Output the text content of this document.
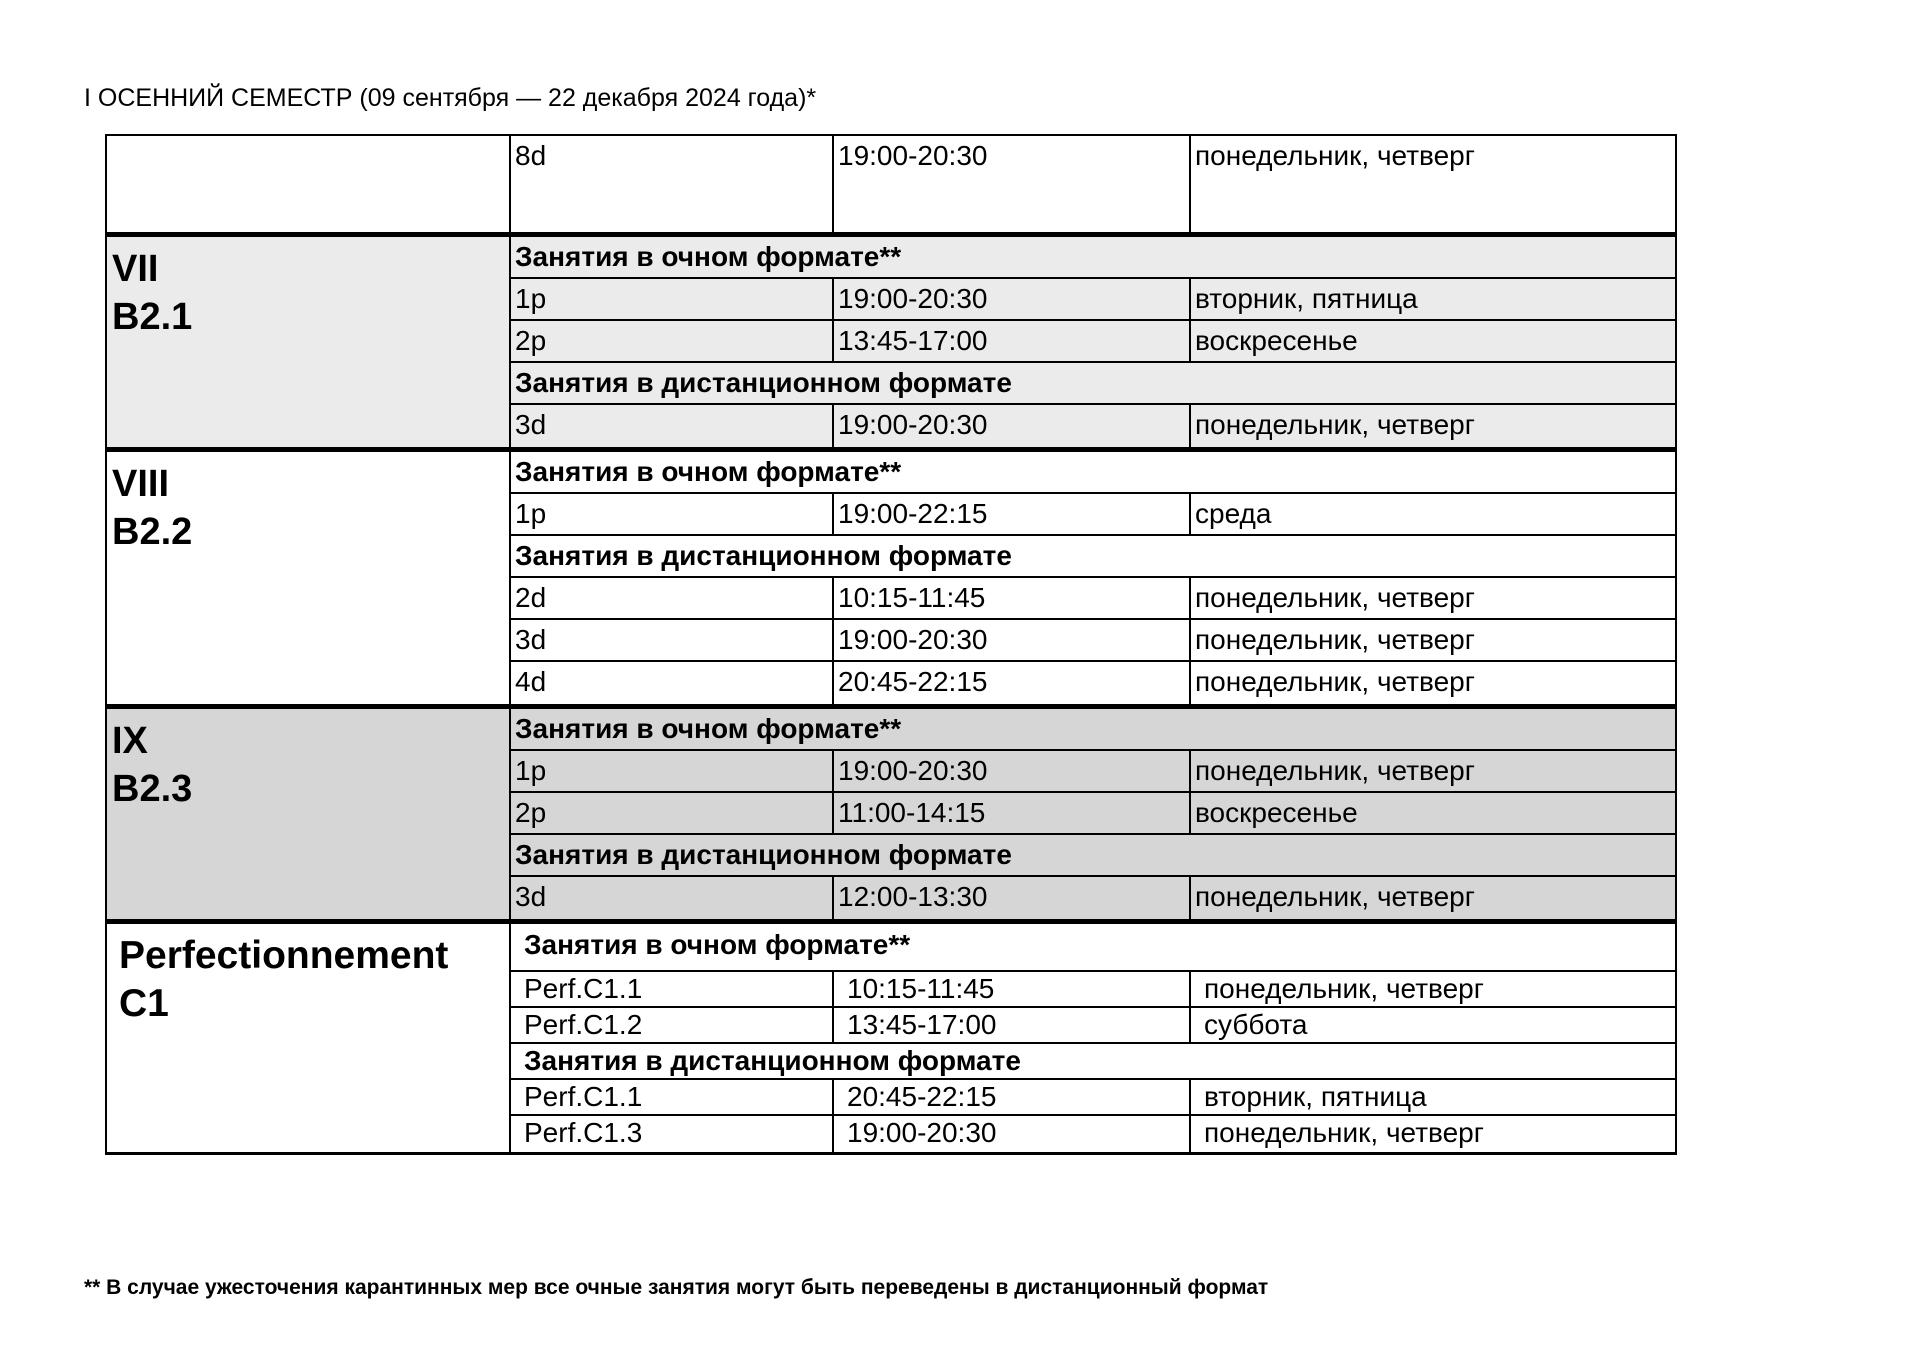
I ОСЕННИЙ СЕМЕСТР (09 сентября — 22 декабря 2024 года)*
8d	19:00-20:30	понедельник, четверг
VII
B2.1
Занятия в очном формате**
1p	19:00-20:30	вторник, пятница
2p	13:45-17:00	воскресенье
Занятия в дистанционном формате
3d	19:00-20:30	понедельник, четверг
VIII
B2.2
Занятия в очном формате**
1p	19:00-22:15	среда
Занятия в дистанционном формате
2d	10:15-11:45	понедельник, четверг
3d	19:00-20:30	понедельник, четверг
4d	20:45-22:15	понедельник, четверг
IX
B2.3
Занятия в очном формате**
1p	19:00-20:30	понедельник, четверг
2p	11:00-14:15	воскресенье
Занятия в дистанционном формате
3d	12:00-13:30	понедельник, четверг
Perfectionnement
C1
Занятия в очном формате**
Perf.C1.1	10:15-11:45	понедельник, четверг
Perf.C1.2	13:45-17:00	суббота
Занятия в дистанционном формате
Perf.C1.1	20:45-22:15	вторник, пятница
Perf.C1.3	19:00-20:30	понедельник, четверг
** В случае ужесточения карантинных мер все очные занятия могут быть переведены в дистанционный формат
